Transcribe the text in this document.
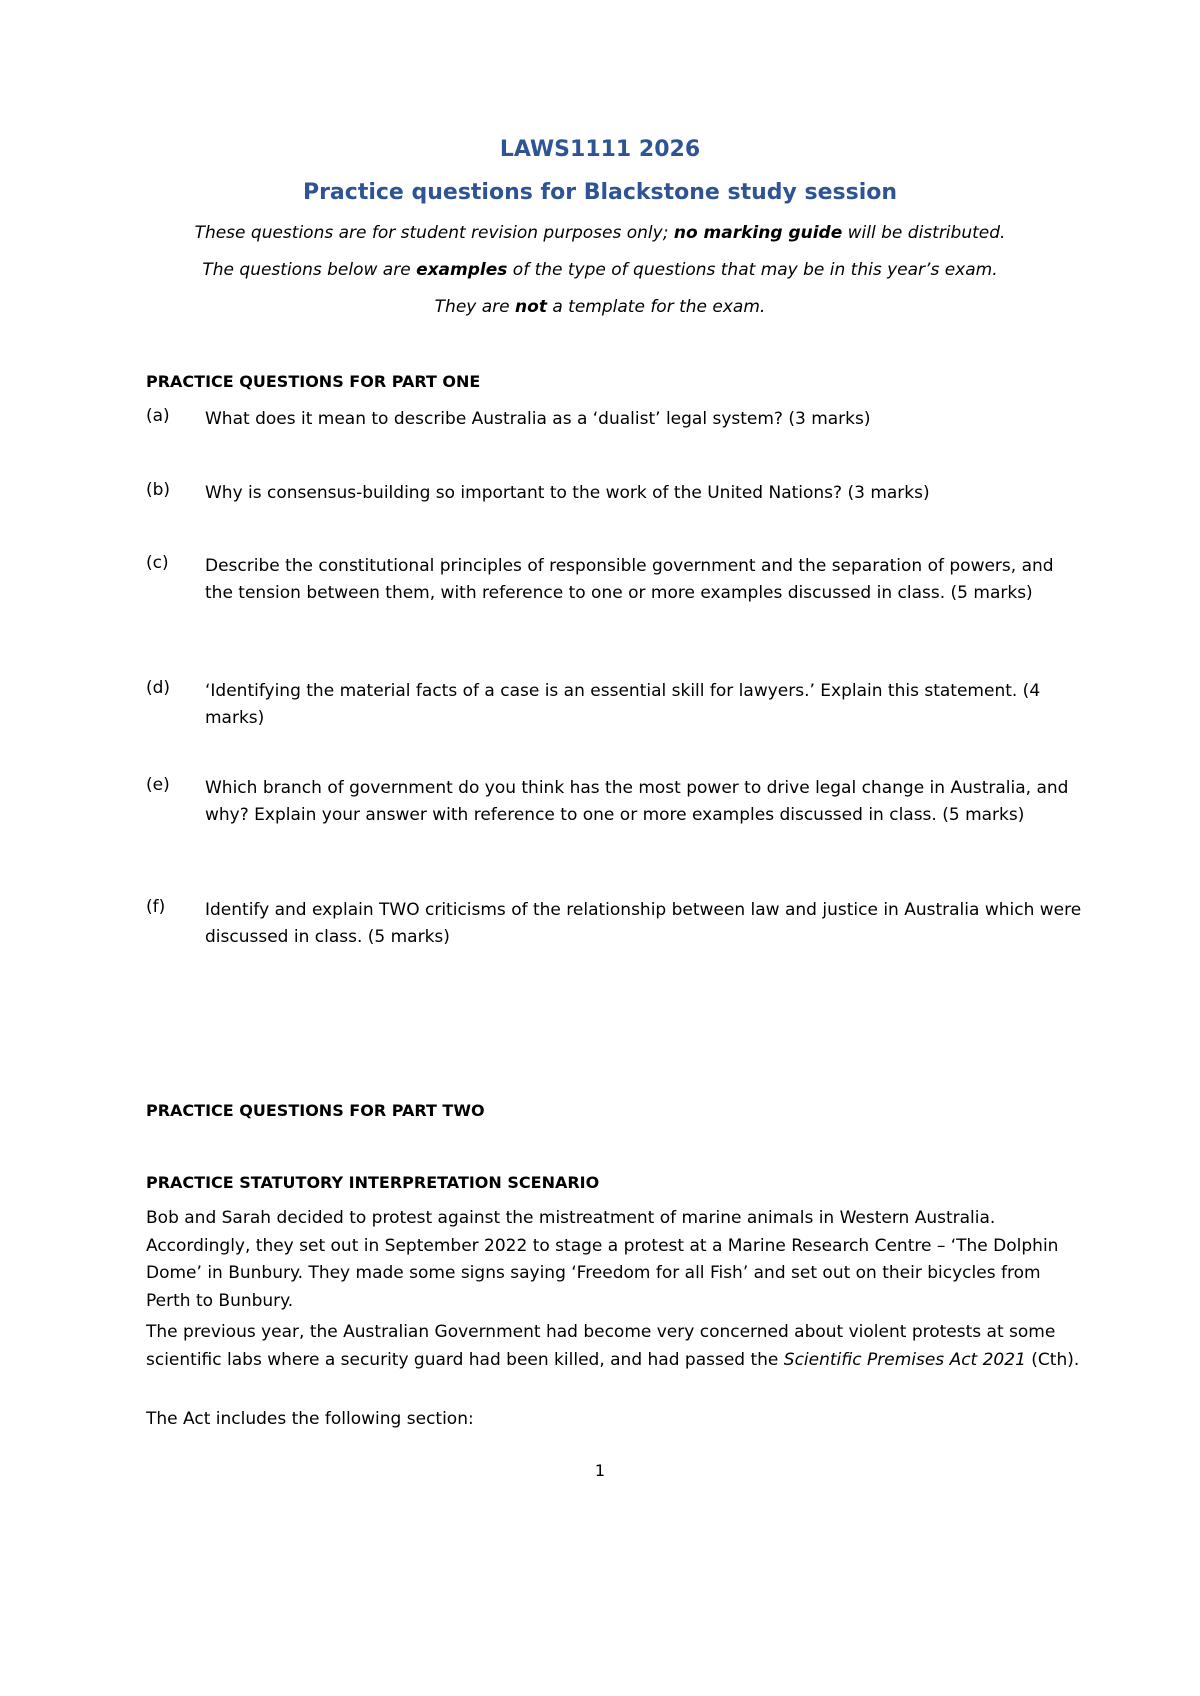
LAWS1111 2026
Practice questions for Blackstone study session
These questions are for student revision purposes only; no marking guide will be distributed.
The questions below are examples of the type of questions that may be in this year’s exam.
They are not a template for the exam.
PRACTICE QUESTIONS FOR PART ONE
(a) What does it mean to describe Australia as a ‘dualist’ legal system? (3 marks)
(b) Why is consensus-building so important to the work of the United Nations? (3 marks)
(c) Describe the constitutional principles of responsible government and the separation of powers, and the tension between them, with reference to one or more examples discussed in class. (5 marks)
(d) ‘Identifying the material facts of a case is an essential skill for lawyers.’ Explain this statement. (4 marks)
(e) Which branch of government do you think has the most power to drive legal change in Australia, and why? Explain your answer with reference to one or more examples discussed in class. (5 marks)
(f) Identify and explain TWO criticisms of the relationship between law and justice in Australia which were discussed in class. (5 marks)
PRACTICE QUESTIONS FOR PART TWO
PRACTICE STATUTORY INTERPRETATION SCENARIO
Bob and Sarah decided to protest against the mistreatment of marine animals in Western Australia. Accordingly, they set out in September 2022 to stage a protest at a Marine Research Centre – ‘The Dolphin Dome’ in Bunbury. They made some signs saying ‘Freedom for all Fish’ and set out on their bicycles from Perth to Bunbury.
The previous year, the Australian Government had become very concerned about violent protests at some scientific labs where a security guard had been killed, and had passed the Scientific Premises Act 2021 (Cth).
The Act includes the following section:
1
